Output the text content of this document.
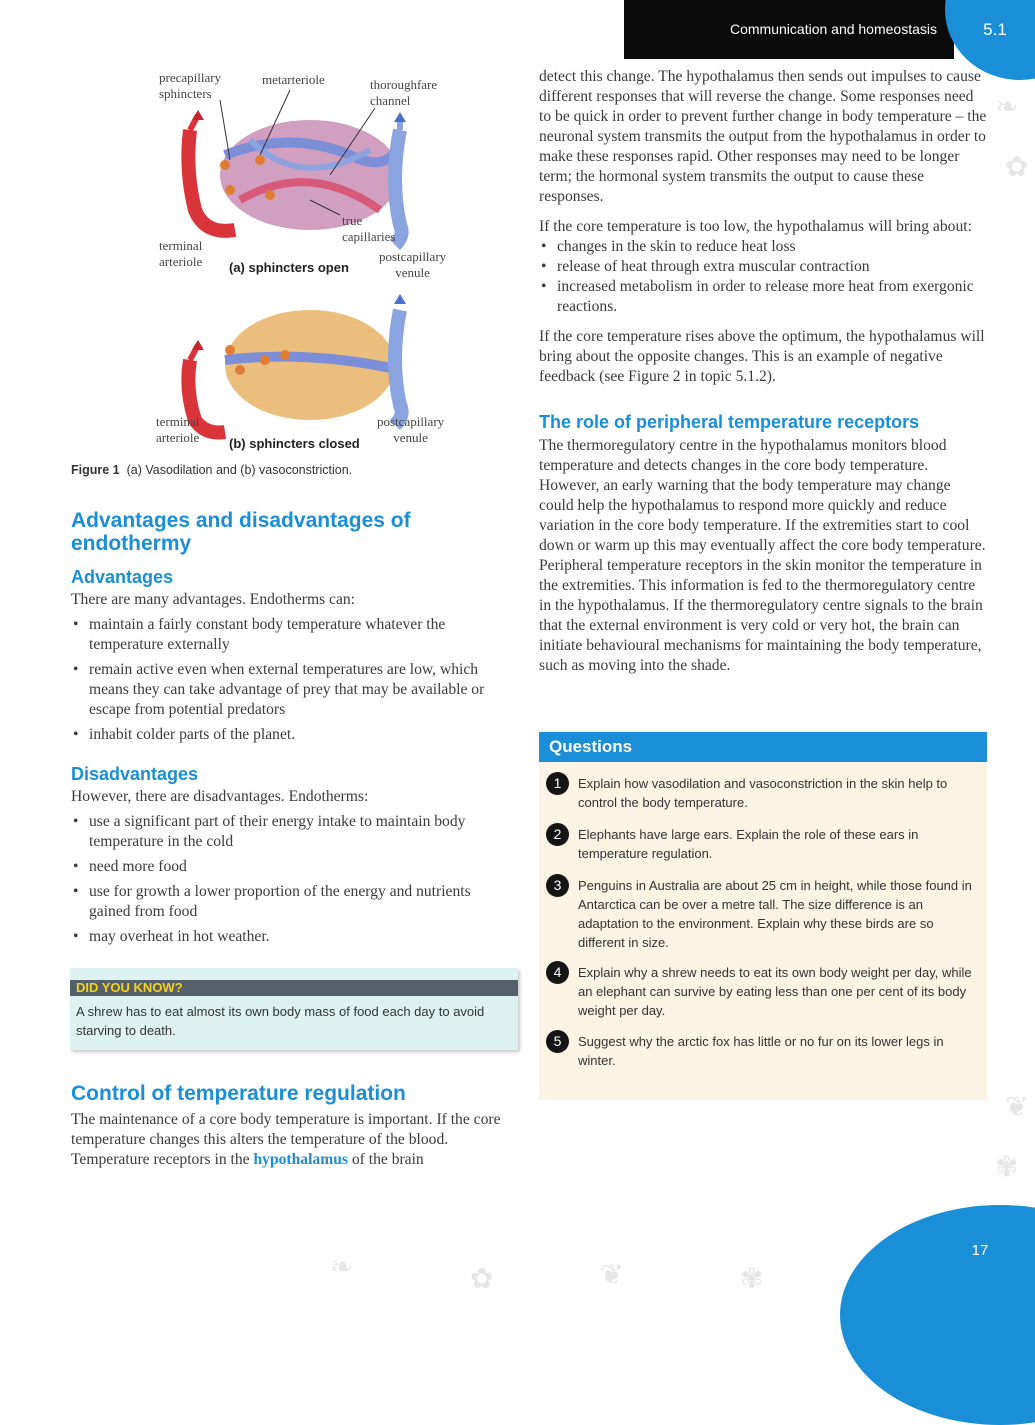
Communication and homeostasis	5.1
❧
✿
❦
✾
❧	✿	❦	✾
17
precapillary
sphincters
metarteriole	thoroughfare
channel
true
capillaries
terminal
arteriole	postcapillary
venule
(a) sphincters open
terminal
arteriole
postcapillary
venule
(b) sphincters closed
Figure 1 (a) Vasodilation and (b) vasoconstriction.
Advantages and disadvantages of endothermy
Advantages

There are many advantages. Endotherms can:

• maintain a fairly constant body temperature whatever the temperature externally
• remain active even when external temperatures are low, which means they can take advantage of prey that may be available or escape from potential predators
• inhabit colder parts of the planet.
Disadvantages

However, there are disadvantages. Endotherms:

• use a significant part of their energy intake to maintain body temperature in the cold
• need more food
• use for growth a lower proportion of the energy and nutrients gained from food
• may overheat in hot weather.
DID YOU KNOW?
A shrew has to eat almost its own body mass of food each day to avoid starving to death.
Control of temperature regulation

The maintenance of a core body temperature is important. If the core temperature changes this alters the temperature of the blood. Temperature receptors in the hypothalamus of the brain

detect this change. The hypothalamus then sends out impulses to cause different responses that will reverse the change. Some responses need to be quick in order to prevent further change in body temperature – the neuronal system transmits the output from the hypothalamus in order to make these responses rapid. Other responses may need to be longer term; the hormonal system transmits the output to cause these responses.

If the core temperature is too low, the hypothalamus will bring about:

• changes in the skin to reduce heat loss
• release of heat through extra muscular contraction
• increased metabolism in order to release more heat from exergonic reactions.

If the core temperature rises above the optimum, the hypothalamus will bring about the opposite changes. This is an example of negative feedback (see Figure 2 in topic 5.1.2).

The role of peripheral temperature receptors

The thermoregulatory centre in the hypothalamus monitors blood temperature and detects changes in the core body temperature. However, an early warning that the body temperature may change could help the hypothalamus to respond more quickly and reduce variation in the core body temperature. If the extremities start to cool down or warm up this may eventually affect the core body temperature. Peripheral temperature receptors in the skin monitor the temperature in the extremities. This information is fed to the thermoregulatory centre in the hypothalamus. If the thermoregulatory centre signals to the brain that the external environment is very cold or very hot, the brain can initiate behavioural mechanisms for maintaining the body temperature, such as moving into the shade.

Questions
1	Explain how vasodilation and vasoconstriction in the skin help to control the body temperature.
2	Elephants have large ears. Explain the role of these ears in temperature regulation.
3	Penguins in Australia are about 25 cm in height, while those found in Antarctica can be over a metre tall. The size difference is an adaptation to the environment. Explain why these birds are so different in size.
4	Explain why a shrew needs to eat its own body weight per day, while an elephant can survive by eating less than one per cent of its body weight per day.
5	Suggest why the arctic fox has little or no fur on its lower legs in winter.
